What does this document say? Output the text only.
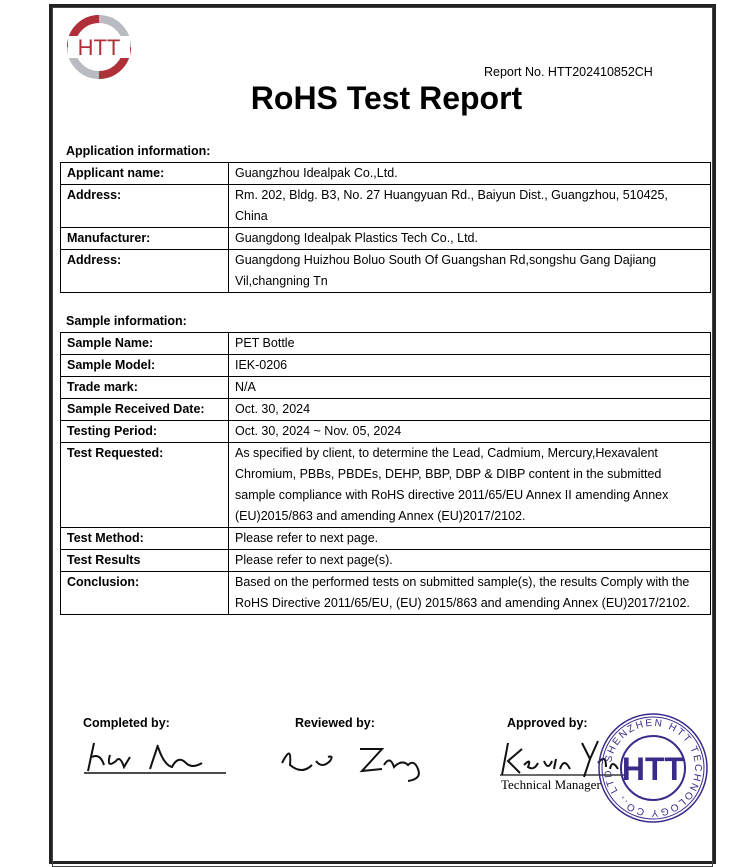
HTT
Report No. HTT202410852CH
RoHS Test Report
Application information:
Applicant name:	Guangzhou Idealpak Co.,Ltd.
Address:	Rm. 202, Bldg. B3, No. 27 Huangyuan Rd., Baiyun Dist., Guangzhou, 510425, China
Manufacturer:	Guangdong Idealpak Plastics Tech Co., Ltd.
Address:	Guangdong Huizhou Boluo South Of Guangshan Rd,songshu Gang Dajiang Vil,changning Tn
Sample information:
Sample Name:	PET Bottle
Sample Model:	IEK-0206
Trade mark:	N/A
Sample Received Date:	Oct. 30, 2024
Testing Period:	Oct. 30, 2024 ~ Nov. 05, 2024
Test Requested:	As specified by client, to determine the Lead, Cadmium, Mercury,Hexavalent Chromium, PBBs, PBDEs, DEHP, BBP, DBP & DIBP content in the submitted sample compliance with RoHS directive 2011/65/EU Annex II amending Annex (EU)2015/863 and amending Annex (EU)2017/2102.
Test Method:	Please refer to next page.
Test Results	Please refer to next page(s).
Conclusion:	Based on the performed tests on submitted sample(s), the results Comply with the RoHS Directive 2011/65/EU, (EU) 2015/863 and amending Annex (EU)2017/2102.
Completed by:	Reviewed by:	Approved by:
Technical Manager
SHENZHEN HTT TECHNOLOGY CO., LTD HTT
